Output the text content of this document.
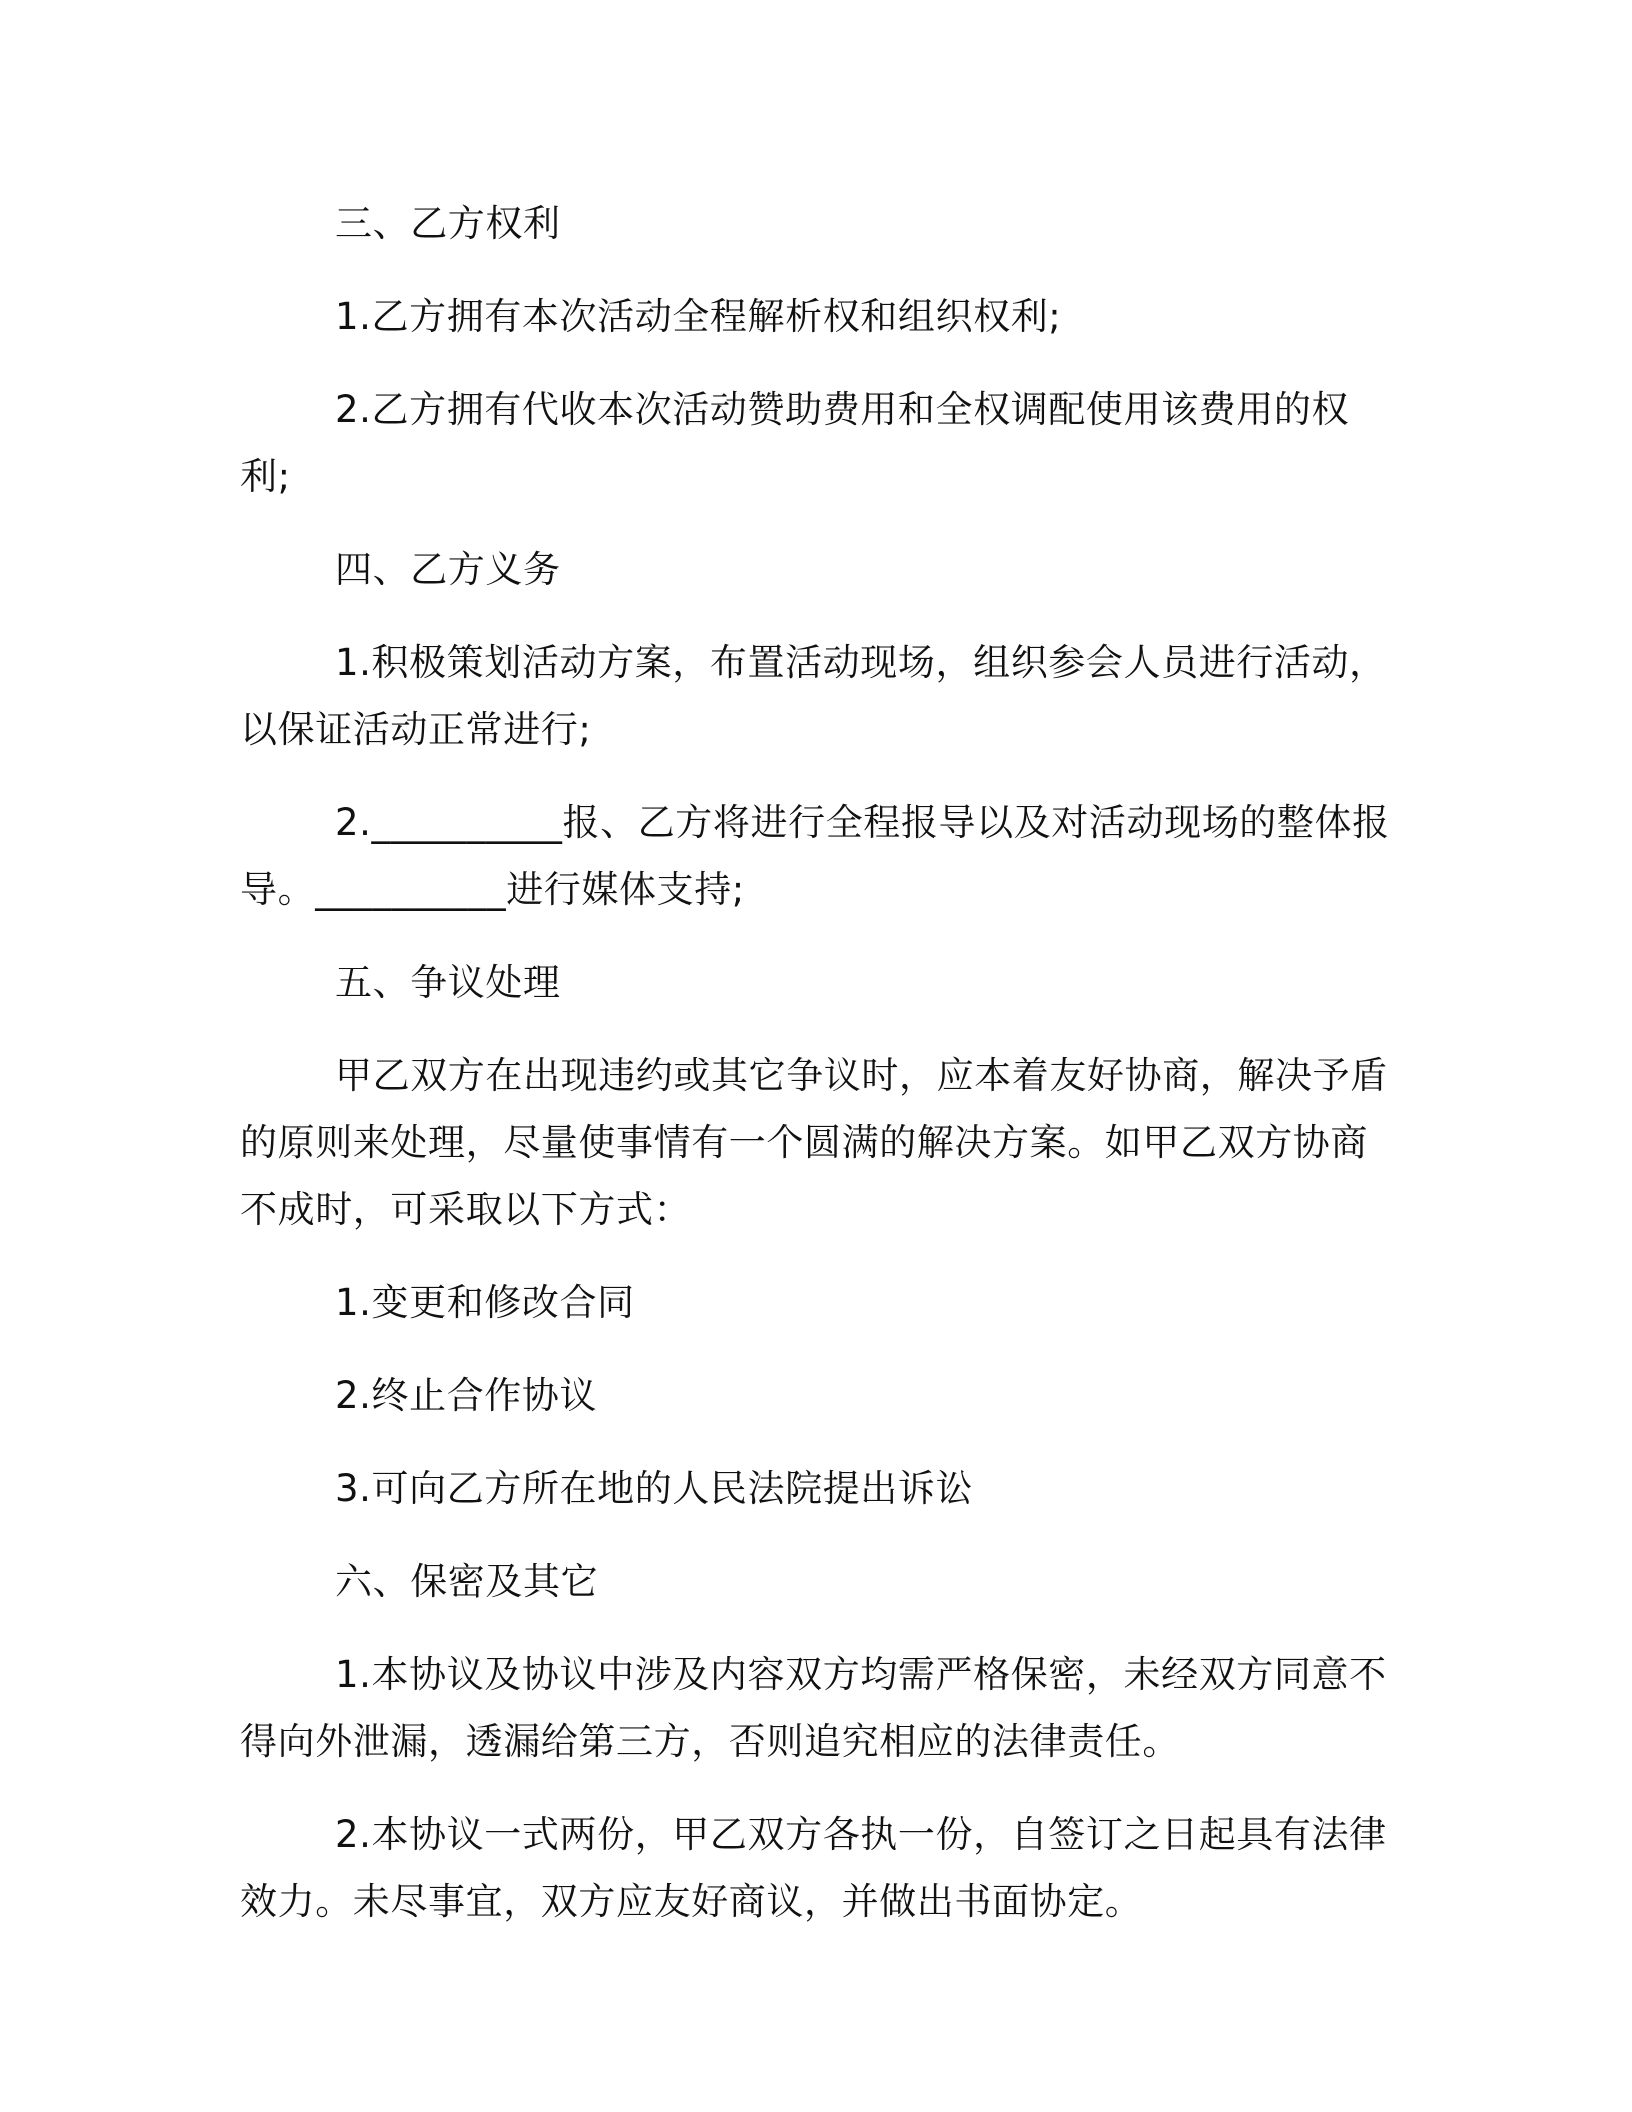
三、乙方权利

1.乙方拥有本次活动全程解析权和组织权利;

2.乙方拥有代收本次活动赞助费用和全权调配使用该费用的权利;

四、乙方义务

1.积极策划活动方案，布置活动现场，组织参会人员进行活动，以保证活动正常进行;

2.__________报、乙方将进行全程报导以及对活动现场的整体报导。__________进行媒体支持;

五、争议处理

甲乙双方在出现违约或其它争议时，应本着友好协商，解决予盾的原则来处理，尽量使事情有一个圆满的解决方案。如甲乙双方协商不成时，可采取以下方式：

1.变更和修改合同

2.终止合作协议

3.可向乙方所在地的人民法院提出诉讼

六、保密及其它

1.本协议及协议中涉及内容双方均需严格保密，未经双方同意不得向外泄漏，透漏给第三方，否则追究相应的法律责任。

2.本协议一式两份，甲乙双方各执一份，自签订之日起具有法律效力。未尽事宜，双方应友好商议，并做出书面协定。
